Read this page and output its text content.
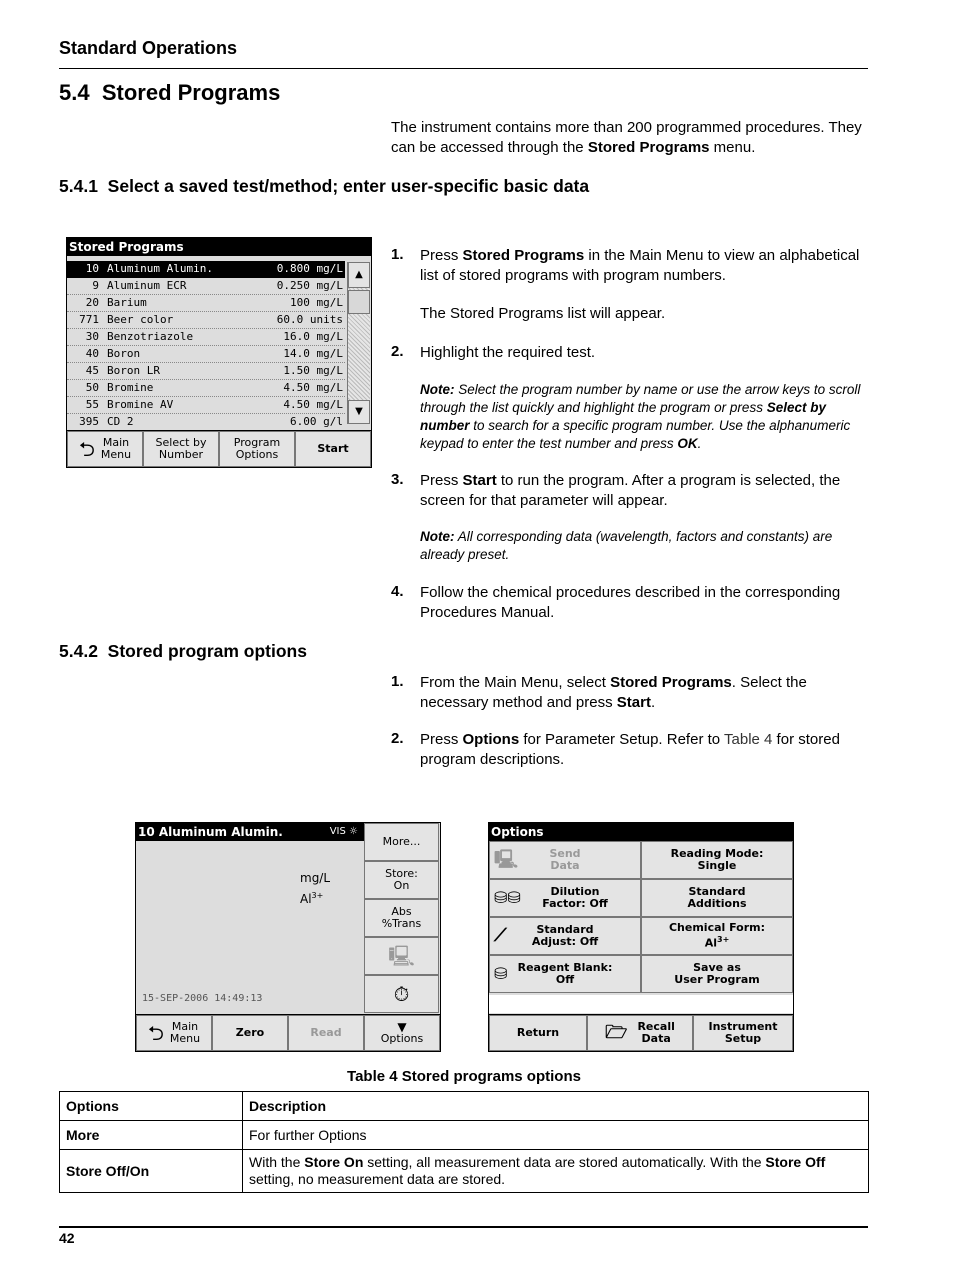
Standard Operations
5.4 Stored Programs
The instrument contains more than 200 programmed procedures. They can be accessed through the Stored Programs menu.
5.4.1 Select a saved test/method; enter user-specific basic data
Stored Programs
10 Aluminum Alumin.	0.800 mg/L
9 Aluminum ECR	0.250 mg/L
20 Barium	100 mg/L
771 Beer color	60.0 units
30 Benzotriazole	16.0 mg/L
40 Boron	14.0 mg/L
45 Boron LR	1.50 mg/L
50 Bromine	4.50 mg/L
55 Bromine AV	4.50 mg/L
395 CD 2	6.00 g/l
▲
▼
⮌ Main
Menu
Select by
Number
Program
Options	Start
1. Press Stored Programs in the Main Menu to view an alphabetical list of stored programs with program numbers.
The Stored Programs list will appear.
2. Highlight the required test.
Note: Select the program number by name or use the arrow keys to scroll through the list quickly and highlight the program or press Select by number to search for a specific program number. Use the alphanumeric keypad to enter the test number and press OK.
3. Press Start to run the program. After a program is selected, the screen for that parameter will appear.
Note: All corresponding data (wavelength, factors and constants) are already preset.
4. Follow the chemical procedures described in the corresponding Procedures Manual.
5.4.2 Stored program options
1. From the Main Menu, select Stored Programs. Select the necessary method and press Start.
2. Press Options for Parameter Setup. Refer to Table 4 for stored program descriptions.
10 Aluminum Alumin.	VIS ☼
mg/L
$Al^{3+}$
15-SEP-2006 14:49:13
More...
Store:
On
Abs
%Trans
🖳
⏱
⮌ Main
Menu	Zero	Read	▼
Options
Options
🖳	Send
Data
Reading Mode:
Single
⛁⛁	Dilution
Factor: Off
Standard
Additions
⟋	Standard
Adjust: Off
Chemical Form:
$Al^{3+}$
⛁ Reagent Blank:
Off
Save as
User Program
Return	🗁 Recall
Data
Instrument
Setup
Table 4 Stored programs options
Options	Description
More	For further Options
Store Off/On	With the Store On setting, all measurement data are stored automatically. With the Store Off setting, no measurement data are stored.
42
